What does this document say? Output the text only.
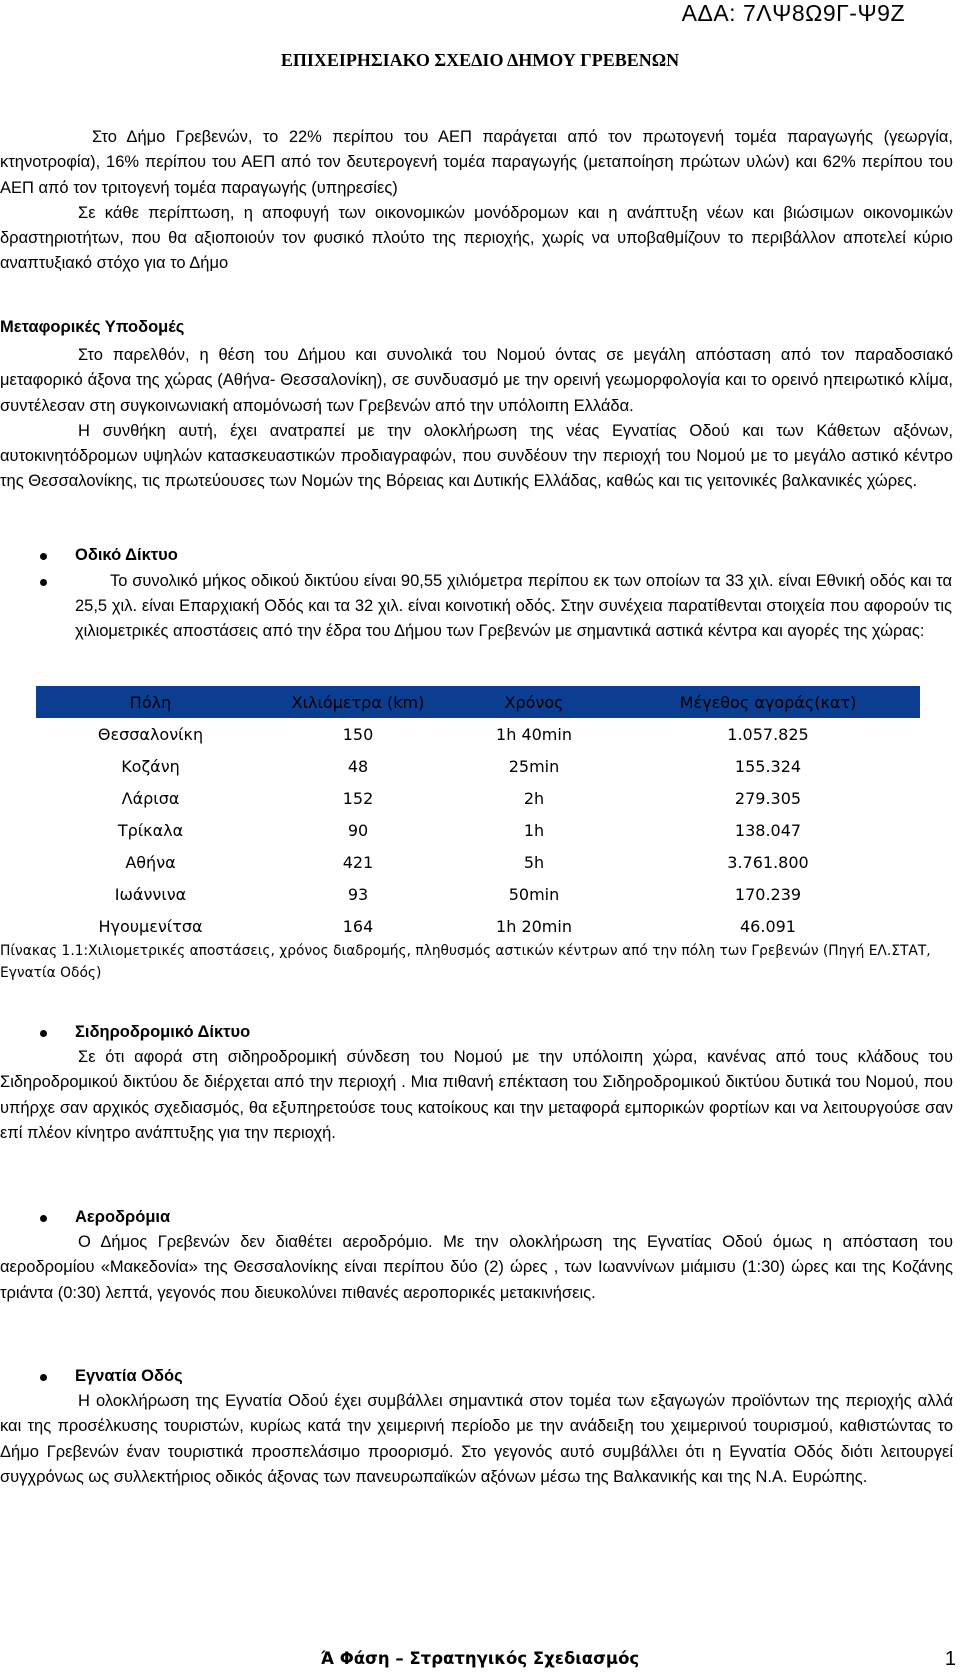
ΑΔΑ: 7ΛΨ8Ω9Γ-Ψ9Ζ
ΕΠΙΧΕΙΡΗΣΙΑΚΟ ΣΧΕΔΙΟ ΔΗΜΟΥ ΓΡΕΒΕΝΩΝ

Στο Δήμο Γρεβενών, το 22% περίπου του ΑΕΠ παράγεται από τον πρωτογενή τομέα παραγωγής (γεωργία, κτηνοτροφία), 16% περίπου του ΑΕΠ από τον δευτερογενή τομέα παραγωγής (μεταποίηση πρώτων υλών) και 62% περίπου του ΑΕΠ από τον τριτογενή τομέα παραγωγής (υπηρεσίες)

Σε κάθε περίπτωση, η αποφυγή των οικονομικών μονόδρομων και η ανάπτυξη νέων και βιώσιμων οικονομικών δραστηριοτήτων, που θα αξιοποιούν τον φυσικό πλούτο της περιοχής, χωρίς να υποβαθμίζουν το περιβάλλον αποτελεί κύριο αναπτυξιακό στόχο για το Δήμο

Μεταφορικές Υποδομές

Στο παρελθόν, η θέση του Δήμου και συνολικά του Νομού όντας σε μεγάλη απόσταση από τον παραδοσιακό μεταφορικό άξονα της χώρας (Αθήνα- Θεσσαλονίκη), σε συνδυασμό με την ορεινή γεωμορφολογία και το ορεινό ηπειρωτικό κλίμα, συντέλεσαν στη συγκοινωνιακή απομόνωσή των Γρεβενών από την υπόλοιπη Ελλάδα.

Η συνθήκη αυτή, έχει ανατραπεί με την ολοκλήρωση της νέας Εγνατίας Οδού και των Κάθετων αξόνων, αυτοκινητόδρομων υψηλών κατασκευαστικών προδιαγραφών, που συνδέουν την περιοχή του Νομού με το μεγάλο αστικό κέντρο της Θεσσαλονίκης, τις πρωτεύουσες των Νομών της Βόρειας και Δυτικής Ελλάδας, καθώς και τις γειτονικές βαλκανικές χώρες.

Οδικό Δίκτυο
Το συνολικό μήκος οδικού δικτύου είναι 90,55 χιλιόμετρα περίπου εκ των οποίων τα 33 χιλ. είναι Εθνική οδός και τα 25,5 χιλ. είναι Επαρχιακή Οδός και τα 32 χιλ. είναι κοινοτική οδός. Στην συνέχεια παρατίθενται στοιχεία που αφορούν τις χιλιομετρικές αποστάσεις από την έδρα του Δήμου των Γρεβενών με σημαντικά αστικά κέντρα και αγορές της χώρας:
Πόλη	Χιλιόμετρα (km)	Χρόνος	Μέγεθος αγοράς(κατ)
Θεσσαλονίκη	150	1h 40min	1.057.825
Κοζάνη	48	25min	155.324
Λάρισα	152	2h	279.305
Τρίκαλα	90	1h	138.047
Αθήνα	421	5h	3.761.800
Ιωάννινα	93	50min	170.239
Ηγουμενίτσα	164	1h 20min	46.091
Πίνακας 1.1:Χιλιομετρικές αποστάσεις, χρόνος διαδρομής, πληθυσμός αστικών κέντρων από την πόλη των Γρεβενών (Πηγή ΕΛ.ΣΤΑΤ, Εγνατία Οδός)
Σιδηροδρομικό Δίκτυο

Σε ότι αφορά στη σιδηροδρομική σύνδεση του Νομού με την υπόλοιπη χώρα, κανένας από τους κλάδους του Σιδηροδρομικού δικτύου δε διέρχεται από την περιοχή . Μια πιθανή επέκταση του Σιδηροδρομικού δικτύου δυτικά του Νομού, που υπήρχε σαν αρχικός σχεδιασμός, θα εξυπηρετούσε τους κατοίκους και την μεταφορά εμπορικών φορτίων και να λειτουργούσε σαν επί πλέον κίνητρο ανάπτυξης για την περιοχή.

Αεροδρόμια

Ο Δήμος Γρεβενών δεν διαθέτει αεροδρόμιο. Με την ολοκλήρωση της Εγνατίας Οδού όμως η απόσταση του αεροδρομίου «Μακεδονία» της Θεσσαλονίκης είναι περίπου δύο (2) ώρες , των Ιωαννίνων μιάμισυ (1:30) ώρες και της Κοζάνης τριάντα (0:30) λεπτά, γεγονός που διευκολύνει πιθανές αεροπορικές μετακινήσεις.

Εγνατία Οδός

Η ολοκλήρωση της Εγνατία Οδού έχει συμβάλλει σημαντικά στον τομέα των εξαγωγών προϊόντων της περιοχής αλλά και της προσέλκυσης τουριστών, κυρίως κατά την χειμερινή περίοδο με την ανάδειξη του χειμερινού τουρισμού, καθιστώντας το Δήμο Γρεβενών έναν τουριστικά προσπελάσιμο προορισμό. Στο γεγονός αυτό συμβάλλει ότι η Εγνατία Οδός διότι λειτουργεί συγχρόνως ως συλλεκτήριος οδικός άξονας των πανευρωπαϊκών αξόνων μέσω της Βαλκανικής και της Ν.Α. Ευρώπης.

Ά Φάση – Στρατηγικός Σχεδιασμός	1
